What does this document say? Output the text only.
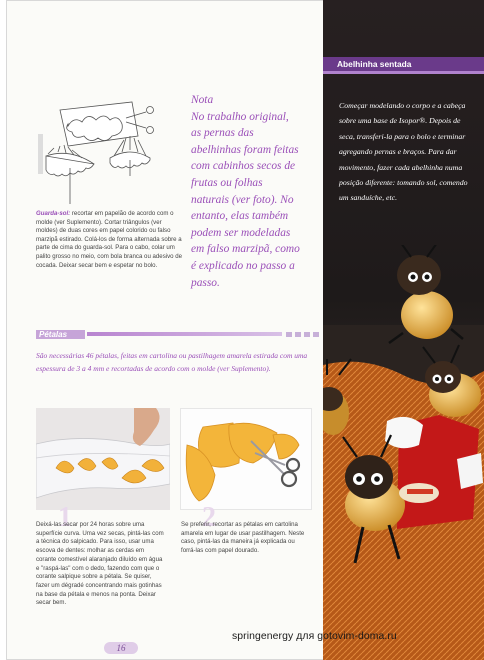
Guarda-sol: recortar em papelão de acordo com o molde (ver Suplemento). Cortar triângulos (ver moldes) de duas cores em papel colorido ou falso marzipã estirado. Colá-los de forma alternada sobre a parte de cima do guarda-sol. Para o cabo, colar um palito grosso no meio, com bola branca ou adesivo de cocada. Deixar secar bem e espetar no bolo.
Nota
No trabalho original,
as pernas das
abelhinhas foram feitas
com cabinhos secos de
frutas ou folhas
naturais (ver foto). No
entanto, elas também
podem ser modeladas
em falso marzipã, como
é explicado no passo a
passo.
Pétalas
São necessárias 46 pétalas, feitas em cartolina ou pastilhagem amarela estirada com uma espessura de 3 a 4 mm e recortadas de acordo com o molde (ver Suplemento).
1	2
Deixá-las secar por 24 horas sobre uma superfície curva. Uma vez secas, pintá-las com a técnica do salpicado. Para isso, usar uma escova de dentes: molhar as cerdas em corante comestível alaranjado diluído em água e "raspá-las" com o dedo, fazendo com que o corante salpique sobre a pétala. Se quiser, fazer um dégradé concentrando mais gotinhas na base da pétala e menos na ponta. Deixar secar bem.
Se preferir, recortar as pétalas em cartolina amarela em lugar de usar pastilhagem. Neste caso, pintá-las da maneira já explicada ou forrá-las com papel dourado.
16
Abelhinha sentada
Começar modelando o corpo e a cabeça sobre uma base de Isopor®. Depois de seca, transferi-la para o bolo e terminar agregando pernas e braços. Para dar movimento, fazer cada abelhinha numa posição diferente: tomando sol, comendo um sanduíche, etc.
springenergy для gotovim-doma.ru
